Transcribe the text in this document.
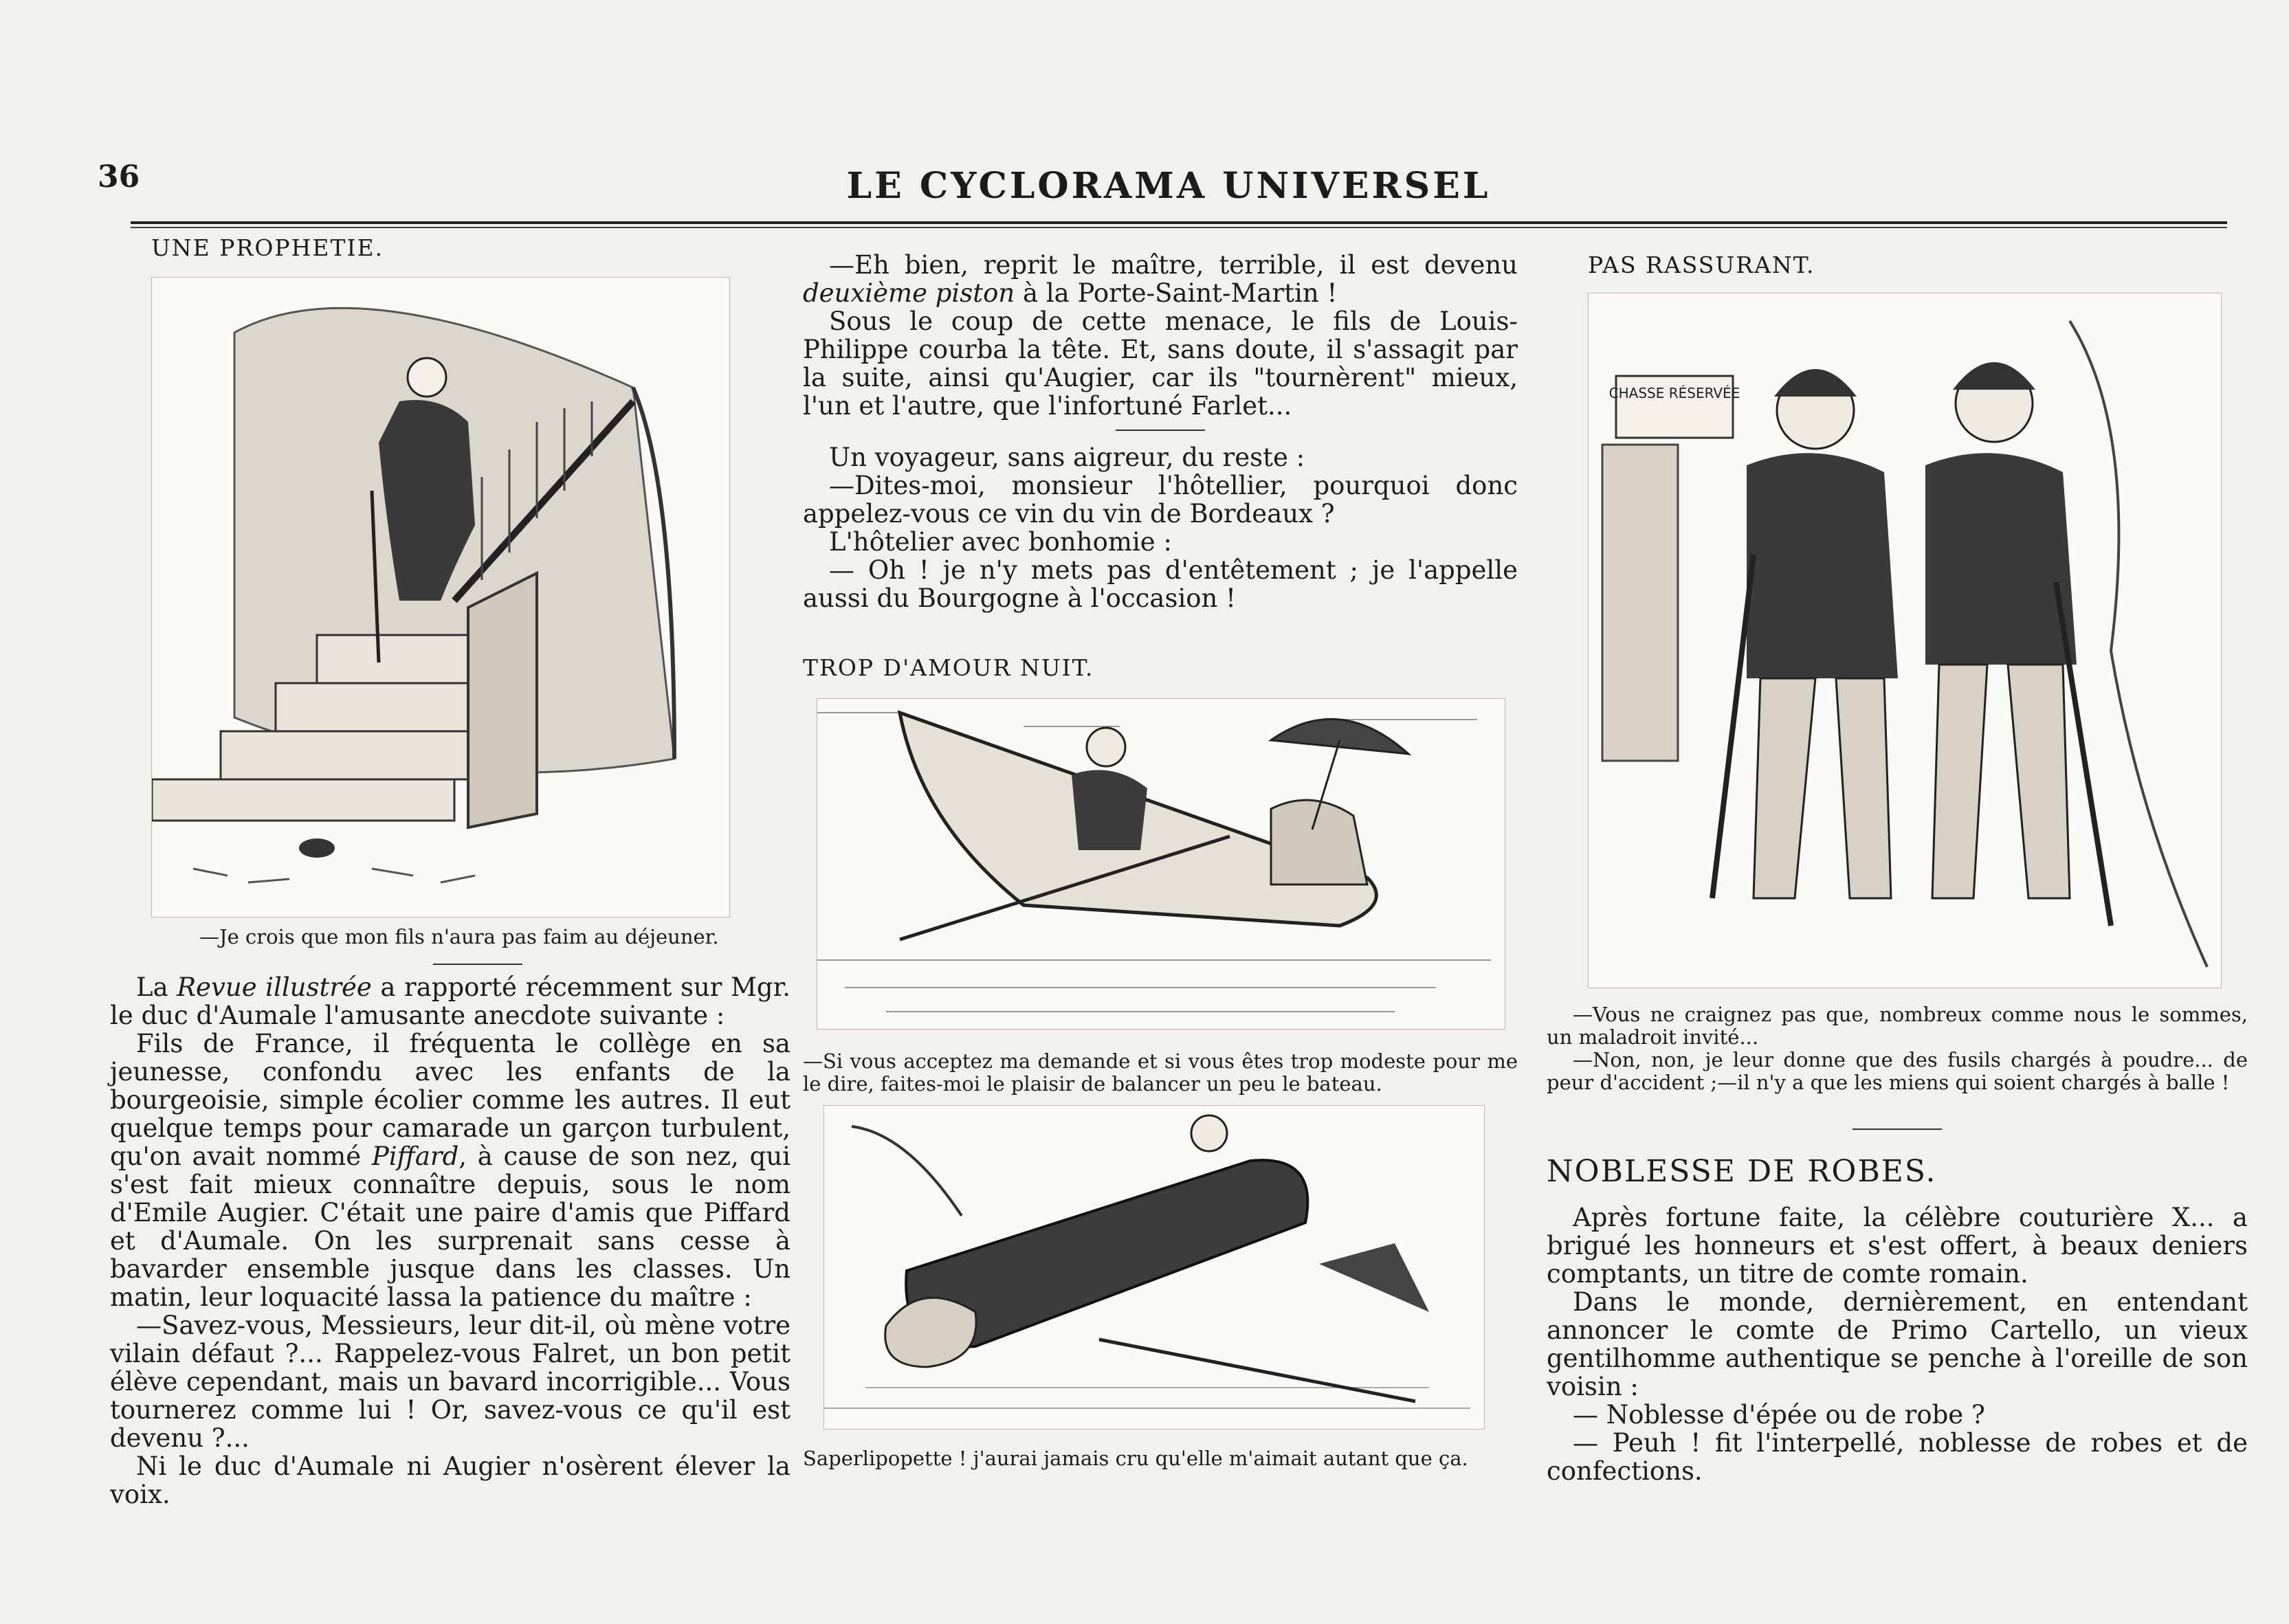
36	LE CYCLORAMA UNIVERSEL

UNE PROPHETIE.

—Je crois que mon fils n'aura pas faim au déjeuner.

La Revue illustrée a rapporté récemment sur Mgr. le duc d'Aumale l'amusante anecdote suivante :

Fils de France, il fréquenta le collège en sa jeunesse, confondu avec les enfants de la bourgeoisie, simple écolier comme les autres. Il eut quelque temps pour camarade un garçon turbulent, qu'on avait nommé Piffard, à cause de son nez, qui s'est fait mieux connaître depuis, sous le nom d'Emile Augier. C'était une paire d'amis que Piffard et d'Aumale. On les surprenait sans cesse à bavarder ensemble jusque dans les classes. Un matin, leur loquacité lassa la patience du maître :

—Savez-vous, Messieurs, leur dit-il, où mène votre vilain défaut ?... Rappelez-vous Falret, un bon petit élève cependant, mais un bavard incorrigible... Vous tournerez comme lui ! Or, savez-vous ce qu'il est devenu ?...

Ni le duc d'Aumale ni Augier n'osèrent élever la voix.

—Eh bien, reprit le maître, terrible, il est devenu deuxième piston à la Porte-Saint-Martin !

Sous le coup de cette menace, le fils de Louis-Philippe courba la tête. Et, sans doute, il s'assagit par la suite, ainsi qu'Augier, car ils "tournèrent" mieux, l'un et l'autre, que l'infortuné Farlet...

Un voyageur, sans aigreur, du reste :

—Dites-moi, monsieur l'hôtellier, pourquoi donc appelez-vous ce vin du vin de Bordeaux ?

L'hôtelier avec bonhomie :

— Oh ! je n'y mets pas d'entêtement ; je l'appelle aussi du Bourgogne à l'occasion !

TROP D'AMOUR NUIT.

—Si vous acceptez ma demande et si vous êtes trop modeste pour me le dire, faites-moi le plaisir de balancer un peu le bateau.

Saperlipopette ! j'aurai jamais cru qu'elle m'aimait autant que ça.

PAS RASSURANT.

CHASSE RÉSERVÉE

—Vous ne craignez pas que, nombreux comme nous le sommes, un maladroit invité...

—Non, non, je leur donne que des fusils chargés à poudre... de peur d'accident ;—il n'y a que les miens qui soient chargés à balle !

NOBLESSE DE ROBES.

Après fortune faite, la célèbre couturière X... a brigué les honneurs et s'est offert, à beaux deniers comptants, un titre de comte romain.

Dans le monde, dernièrement, en entendant annoncer le comte de Primo Cartello, un vieux gentilhomme authentique se penche à l'oreille de son voisin :

— Noblesse d'épée ou de robe ?

— Peuh ! fit l'interpellé, noblesse de robes et de confections.
